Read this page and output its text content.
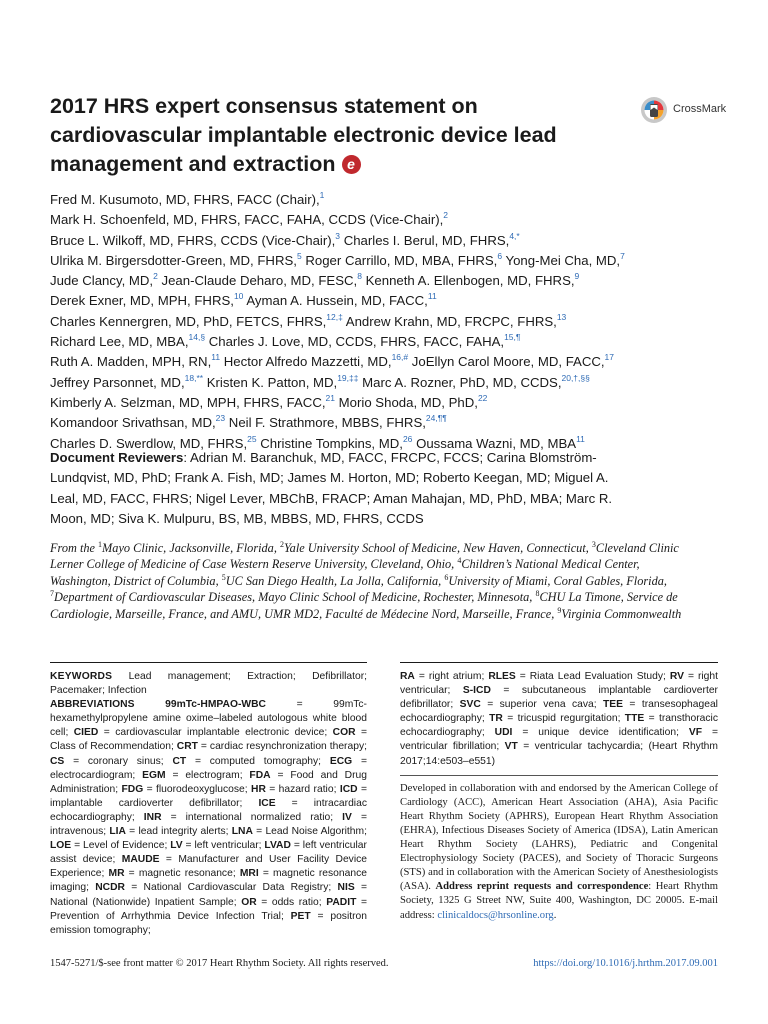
2017 HRS expert consensus statement on cardiovascular implantable electronic device lead management and extraction e
CrossMark
Fred M. Kusumoto, MD, FHRS, FACC (Chair),$^1$
Mark H. Schoenfeld, MD, FHRS, FACC, FAHA, CCDS (Vice-Chair),$^2$
Bruce L. Wilkoff, MD, FHRS, CCDS (Vice-Chair),$^3$ Charles I. Berul, MD, FHRS,$^{4,*}$
Ulrika M. Birgersdotter-Green, MD, FHRS,$^5$ Roger Carrillo, MD, MBA, FHRS,$^6$ Yong-Mei Cha, MD,$^7$
Jude Clancy, MD,$^2$ Jean-Claude Deharo, MD, FESC,$^8$ Kenneth A. Ellenbogen, MD, FHRS,$^9$
Derek Exner, MD, MPH, FHRS,$^{10}$ Ayman A. Hussein, MD, FACC,$^{11}$
Charles Kennergren, MD, PhD, FETCS, FHRS,$^{12,\ddagger}$ Andrew Krahn, MD, FRCPC, FHRS,$^{13}$
Richard Lee, MD, MBA,$^{14,\S}$ Charles J. Love, MD, CCDS, FHRS, FACC, FAHA,$^{15,\P}$
Ruth A. Madden, MPH, RN,$^{11}$ Hector Alfredo Mazzetti, MD,$^{16,\#}$ JoEllyn Carol Moore, MD, FACC,$^{17}$
Jeffrey Parsonnet, MD,$^{18,**}$ Kristen K. Patton, MD,$^{19,\ddagger\ddagger}$ Marc A. Rozner, PhD, MD, CCDS,$^{20,\dagger,\S\S}$
Kimberly A. Selzman, MD, MPH, FHRS, FACC,$^{21}$ Morio Shoda, MD, PhD,$^{22}$
Komandoor Srivathsan, MD,$^{23}$ Neil F. Strathmore, MBBS, FHRS,$^{24,\P\P}$
Charles D. Swerdlow, MD, FHRS,$^{25}$ Christine Tompkins, MD,$^{26}$ Oussama Wazni, MD, MBA$^{11}$
Document Reviewers: Adrian M. Baranchuk, MD, FACC, FRCPC, FCCS; Carina Blomström-Lundqvist, MD, PhD; Frank A. Fish, MD; James M. Horton, MD; Roberto Keegan, MD; Miguel A. Leal, MD, FACC, FHRS; Nigel Lever, MBChB, FRACP; Aman Mahajan, MD, PhD, MBA; Marc R. Moon, MD; Siva K. Mulpuru, BS, MB, MBBS, MD, FHRS, CCDS
From the $^1$Mayo Clinic, Jacksonville, Florida, $^2$Yale University School of Medicine, New Haven, Connecticut, $^3$Cleveland Clinic Lerner College of Medicine of Case Western Reserve University, Cleveland, Ohio, $^4$Children’s National Medical Center, Washington, District of Columbia, $^5$UC San Diego Health, La Jolla, California, $^6$University of Miami, Coral Gables, Florida, $^7$Department of Cardiovascular Diseases, Mayo Clinic School of Medicine, Rochester, Minnesota, $^8$CHU La Timone, Service de Cardiologie, Marseille, France, and AMU, UMR MD2, Faculté de Médecine Nord, Marseille, France, $^9$Virginia Commonwealth
KEYWORDS Lead management; Extraction; Defibrillator; Pacemaker; Infection
ABBREVIATIONS	99mTc-HMPAO-WBC = 99mTc-hexamethylpropylene amine oxime–labeled autologous white blood cell; CIED = cardiovascular implantable electronic device; COR = Class of Recommendation; CRT = cardiac resynchronization therapy; CS = coronary sinus; CT = computed tomography; ECG = electrocardiogram; EGM = electrogram; FDA = Food and Drug Administration; FDG = fluorodeoxyglucose; HR = hazard ratio; ICD = implantable cardioverter defibrillator; ICE = intracardiac echocardiography; INR = international normalized ratio; IV = intravenous; LIA = lead integrity alerts; LNA = Lead Noise Algorithm; LOE = Level of Evidence; LV = left ventricular; LVAD = left ventricular assist device; MAUDE = Manufacturer and User Facility Device Experience; MR = magnetic resonance; MRI = magnetic resonance imaging; NCDR = National Cardiovascular Data Registry; NIS = National (Nationwide) Inpatient Sample; OR = odds ratio; PADIT = Prevention of Arrhythmia Device Infection Trial; PET = positron emission tomography;
RA = right atrium; RLES = Riata Lead Evaluation Study; RV = right ventricular; S-ICD = subcutaneous implantable cardioverter defibrillator; SVC = superior vena cava; TEE = transesophageal echocardiography; TR = tricuspid regurgitation; TTE = transthoracic echocardiography; UDI = unique device identification; VF = ventricular fibrillation; VT = ventricular tachycardia; (Heart Rhythm 2017;14:e503–e551)
Developed in collaboration with and endorsed by the American College of Cardiology (ACC), American Heart Association (AHA), Asia Pacific Heart Rhythm Society (APHRS), European Heart Rhythm Association (EHRA), Infectious Diseases Society of America (IDSA), Latin American Heart Rhythm Society (LAHRS), Pediatric and Congenital Electrophysiology Society (PACES), and Society of Thoracic Surgeons (STS) and in collaboration with the American Society of Anesthesiologists (ASA). Address reprint requests and correspondence: Heart Rhythm Society, 1325 G Street NW, Suite 400, Washington, DC 20005. E-mail address: clinicaldocs@hrsonline.org.
1547-5271/$-see front matter © 2017 Heart Rhythm Society. All rights reserved.	https://doi.org/10.1016/j.hrthm.2017.09.001
